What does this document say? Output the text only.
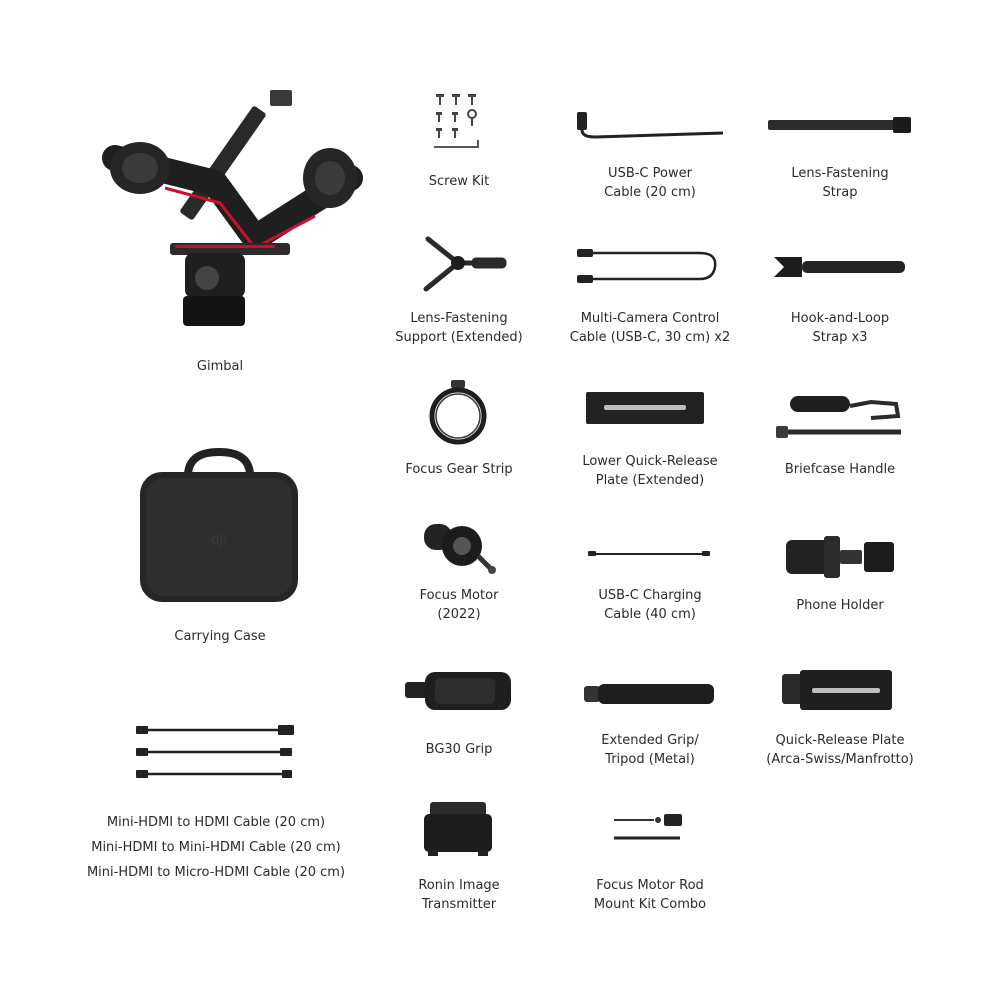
dji
Gimbal
Screw Kit
USB-C Power
Cable (20 cm)
Lens-Fastening
Strap
Lens-Fastening
Support (Extended)
Multi-Camera Control
Cable (USB-C, 30 cm) x2
Hook-and-Loop
Strap x3
Carrying Case
Focus Gear Strip
Lower Quick-Release
Plate (Extended)
Briefcase Handle
Focus Motor
(2022)
USB-C Charging
Cable (40 cm)
Phone Holder
Mini-HDMI to HDMI Cable (20 cm)
Mini-HDMI to Mini-HDMI Cable (20 cm)
Mini-HDMI to Micro-HDMI Cable (20 cm)
BG30 Grip
Extended Grip/
Tripod (Metal)
Quick-Release Plate
(Arca-Swiss/Manfrotto)
Ronin Image
Transmitter
Focus Motor Rod
Mount Kit Combo
